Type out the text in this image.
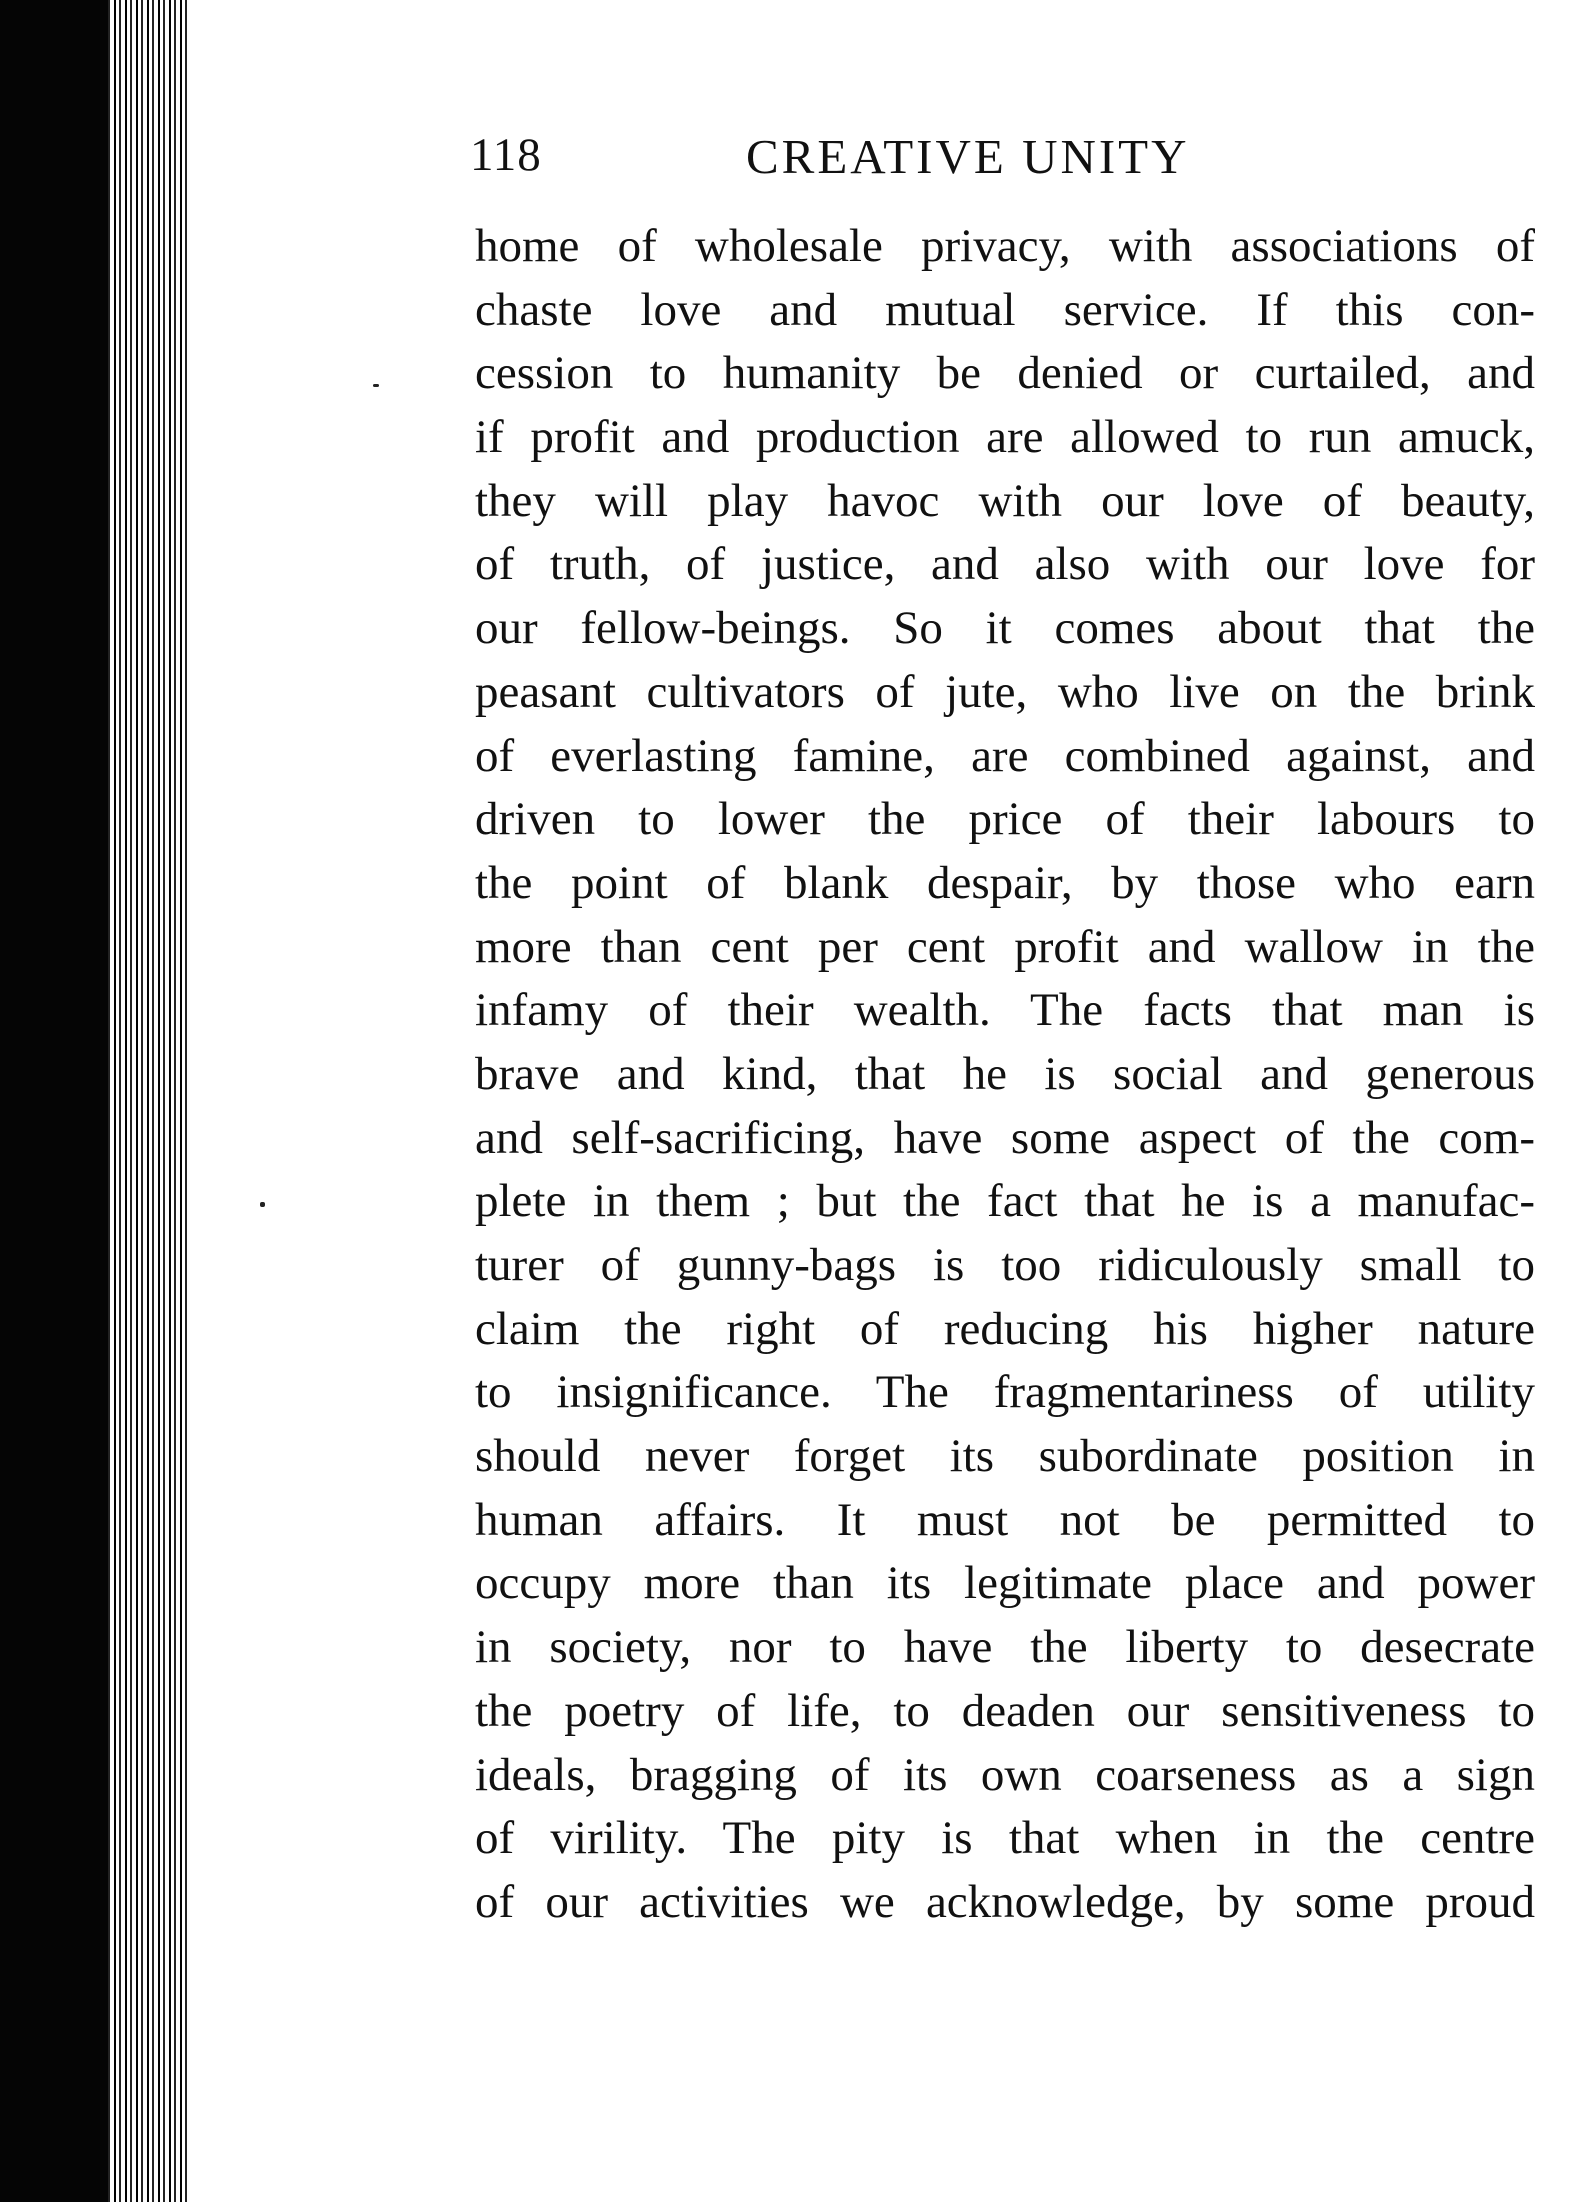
118	CREATIVE UNITY
home of wholesale privacy, with associations of
chaste love and mutual service. If this con-
cession to humanity be denied or curtailed, and
if profit and production are allowed to run amuck,
they will play havoc with our love of beauty,
of truth, of justice, and also with our love for
our fellow-beings. So it comes about that the
peasant cultivators of jute, who live on the brink
of everlasting famine, are combined against, and
driven to lower the price of their labours to
the point of blank despair, by those who earn
more than cent per cent profit and wallow in the
infamy of their wealth. The facts that man is
brave and kind, that he is social and generous
and self-sacrificing, have some aspect of the com-
plete in them ; but the fact that he is a manufac-
turer of gunny-bags is too ridiculously small to
claim the right of reducing his higher nature
to insignificance. The fragmentariness of utility
should never forget its subordinate position in
human affairs. It must not be permitted to
occupy more than its legitimate place and power
in society, nor to have the liberty to desecrate
the poetry of life, to deaden our sensitiveness to
ideals, bragging of its own coarseness as a sign
of virility. The pity is that when in the centre
of our activities we acknowledge, by some proud
